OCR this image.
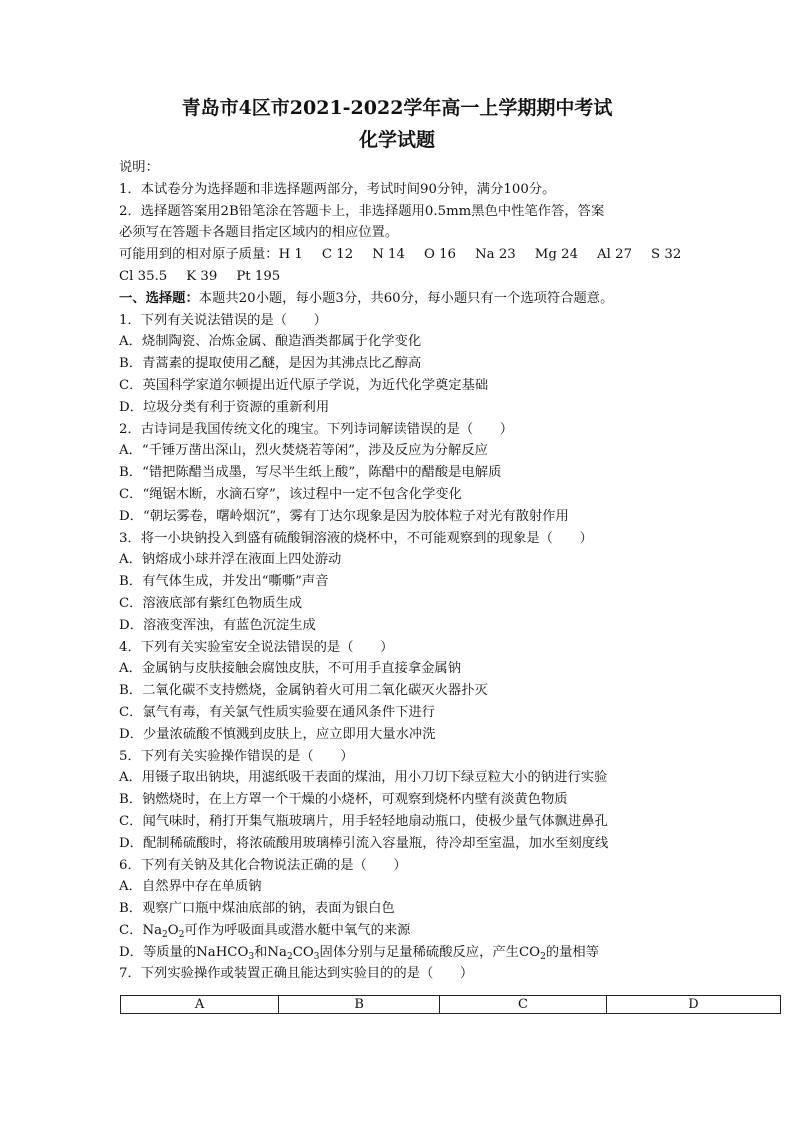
青岛市4区市2021-2022学年高一上学期期中考试
化学试题
说明：
1．本试卷分为选择题和非选择题两部分，考试时间90分钟，满分100分。
2．选择题答案用2B铅笔涂在答题卡上，非选择题用0.5mm黑色中性笔作答，答案
必须写在答题卡各题目指定区域内的相应位置。
可能用到的相对原子质量：H 1 C 12 N 14 O 16 Na 23 Mg 24 Al 27 S 32
Cl 35.5 K 39 Pt 195
一、选择题：本题共20小题，每小题3分，共60分，每小题只有一个选项符合题意。
1．下列有关说法错误的是（　　）
A．烧制陶瓷、冶炼金属、酿造酒类都属于化学变化
B．青蒿素的提取使用乙醚，是因为其沸点比乙醇高
C．英国科学家道尔顿提出近代原子学说，为近代化学奠定基础
D．垃圾分类有利于资源的重新利用
2．古诗词是我国传统文化的瑰宝。下列诗词解读错误的是（　　）
A．“千锤万凿出深山，烈火焚烧若等闲”，涉及反应为分解反应
B．“错把陈醋当成墨，写尽半生纸上酸”，陈醋中的醋酸是电解质
C．“绳锯木断，水滴石穿”，该过程中一定不包含化学变化
D．“朝坛雾卷，曙岭烟沉”，雾有丁达尔现象是因为胶体粒子对光有散射作用
3．将一小块钠投入到盛有硫酸铜溶液的烧杯中，不可能观察到的现象是（　　）
A．钠熔成小球并浮在液面上四处游动
B．有气体生成，并发出“嘶嘶”声音
C．溶液底部有紫红色物质生成
D．溶液变浑浊，有蓝色沉淀生成
4．下列有关实验室安全说法错误的是（　　）
A．金属钠与皮肤接触会腐蚀皮肤，不可用手直接拿金属钠
B．二氧化碳不支持燃烧，金属钠着火可用二氧化碳灭火器扑灭
C．氯气有毒，有关氯气性质实验要在通风条件下进行
D．少量浓硫酸不慎溅到皮肤上，应立即用大量水冲洗
5．下列有关实验操作错误的是（　　）
A．用镊子取出钠块，用滤纸吸干表面的煤油，用小刀切下绿豆粒大小的钠进行实验
B．钠燃烧时，在上方罩一个干燥的小烧杯，可观察到烧杯内壁有淡黄色物质
C．闻气味时，稍打开集气瓶玻璃片，用手轻轻地扇动瓶口，使极少量气体飘进鼻孔
D．配制稀硫酸时，将浓硫酸用玻璃棒引流入容量瓶，待冷却至室温，加水至刻度线
6．下列有关钠及其化合物说法正确的是（　　）
A．自然界中存在单质钠
B．观察广口瓶中煤油底部的钠，表面为银白色
C．$Na_2O_2$可作为呼吸面具或潜水艇中氧气的来源
D．等质量的NaHCO$_3$和$Na_2CO_3$固体分别与足量稀硫酸反应，产生$CO_2$的量相等
7．下列实验操作或装置正确且能达到实验目的的是（　　）
A	B	C	D
